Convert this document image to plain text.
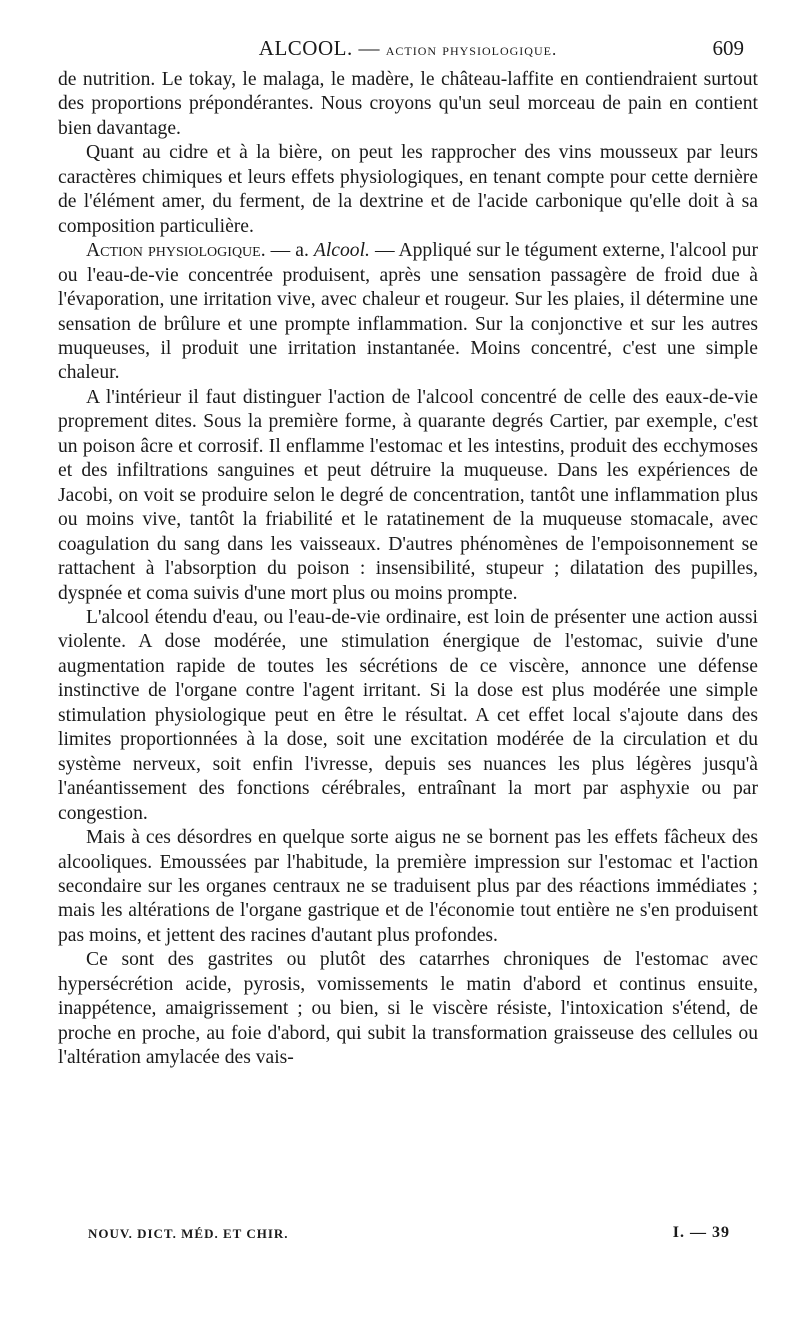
ALCOOL. — action physiologique.	609

de nutrition. Le tokay, le malaga, le madère, le château-laffite en contiendraient surtout des proportions prépondérantes. Nous croyons qu'un seul morceau de pain en contient bien davantage.

Quant au cidre et à la bière, on peut les rapprocher des vins mousseux par leurs caractères chimiques et leurs effets physiologiques, en tenant compte pour cette dernière de l'élément amer, du ferment, de la dextrine et de l'acide carbonique qu'elle doit à sa composition particulière.

Action physiologique. — a. Alcool. — Appliqué sur le tégument externe, l'alcool pur ou l'eau-de-vie concentrée produisent, après une sensation passagère de froid due à l'évaporation, une irritation vive, avec chaleur et rougeur. Sur les plaies, il détermine une sensation de brûlure et une prompte inflammation. Sur la conjonctive et sur les autres muqueuses, il produit une irritation instantanée. Moins concentré, c'est une simple chaleur.

A l'intérieur il faut distinguer l'action de l'alcool concentré de celle des eaux-de-vie proprement dites. Sous la première forme, à quarante degrés Cartier, par exemple, c'est un poison âcre et corrosif. Il enflamme l'estomac et les intestins, produit des ecchymoses et des infiltrations sanguines et peut détruire la muqueuse. Dans les expériences de Jacobi, on voit se produire selon le degré de concentration, tantôt une inflammation plus ou moins vive, tantôt la friabilité et le ratatinement de la muqueuse stomacale, avec coagulation du sang dans les vaisseaux. D'autres phénomènes de l'empoisonnement se rattachent à l'absorption du poison : insensibilité, stupeur ; dilatation des pupilles, dyspnée et coma suivis d'une mort plus ou moins prompte.

L'alcool étendu d'eau, ou l'eau-de-vie ordinaire, est loin de présenter une action aussi violente. A dose modérée, une stimulation énergique de l'estomac, suivie d'une augmentation rapide de toutes les sécrétions de ce viscère, annonce une défense instinctive de l'organe contre l'agent irritant. Si la dose est plus modérée une simple stimulation physiologique peut en être le résultat. A cet effet local s'ajoute dans des limites proportionnées à la dose, soit une excitation modérée de la circulation et du système nerveux, soit enfin l'ivresse, depuis ses nuances les plus légères jusqu'à l'anéantissement des fonctions cérébrales, entraînant la mort par asphyxie ou par congestion.

Mais à ces désordres en quelque sorte aigus ne se bornent pas les effets fâcheux des alcooliques. Emoussées par l'habitude, la première impression sur l'estomac et l'action secondaire sur les organes centraux ne se traduisent plus par des réactions immédiates ; mais les altérations de l'organe gastrique et de l'économie tout entière ne s'en produisent pas moins, et jettent des racines d'autant plus profondes.

Ce sont des gastrites ou plutôt des catarrhes chroniques de l'estomac avec hypersécrétion acide, pyrosis, vomissements le matin d'abord et continus ensuite, inappétence, amaigrissement ; ou bien, si le viscère résiste, l'intoxication s'étend, de proche en proche, au foie d'abord, qui subit la transformation graisseuse des cellules ou l'altération amylacée des vais-

NOUV. DICT. MÉD. ET CHIR.	I. — 39
